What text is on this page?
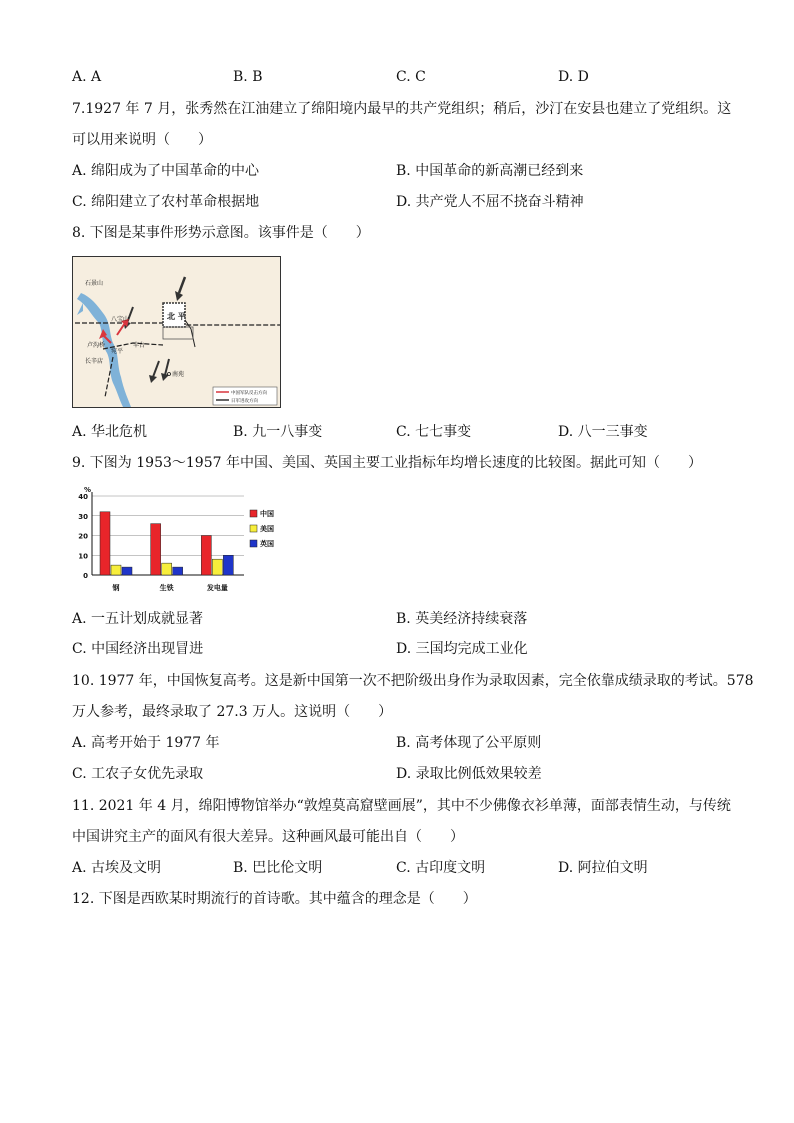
A. A	B. B	C. C	D. D
7.1927 年 7 月，张秀然在江油建立了绵阳境内最早的共产党组织；稍后，沙汀在安县也建立了党组织。这
可以用来说明（　　）
A. 绵阳成为了中国革命的中心	B. 中国革命的新高潮已经到来
C. 绵阳建立了农村革命根据地	D. 共产党人不屈不挠奋斗精神
8. 下图是某事件形势示意图。该事件是（　　）
北 平
石景山
八宝山
卢沟桥
宛平
丰台
长辛店
南苑
中国军队反击方向
日军进攻方向
A. 华北危机	B. 九一八事变	C. 七七事变	D. 八一三事变
9. 下图为 1953～1957 年中国、美国、英国主要工业指标年均增长速度的比较图。据此可知（　　）
0
10
20
30
40
%
钢	生铁	发电量
中国
美国
英国
A. 一五计划成就显著	B. 英美经济持续衰落
C. 中国经济出现冒进	D. 三国均完成工业化
10. 1977 年，中国恢复高考。这是新中国第一次不把阶级出身作为录取因素，完全依靠成绩录取的考试。578
万人参考，最终录取了 27.3 万人。这说明（　　）
A. 高考开始于 1977 年	B. 高考体现了公平原则
C. 工农子女优先录取	D. 录取比例低效果较差
11. 2021 年 4 月，绵阳博物馆举办“敦煌莫高窟壁画展”，其中不少佛像衣衫单薄，面部表情生动，与传统
中国讲究主产的面风有很大差异。这种画风最可能出自（　　）
A. 古埃及文明	B. 巴比伦文明	C. 古印度文明	D. 阿拉伯文明
12. 下图是西欧某时期流行的首诗歌。其中蕴含的理念是（　　）
